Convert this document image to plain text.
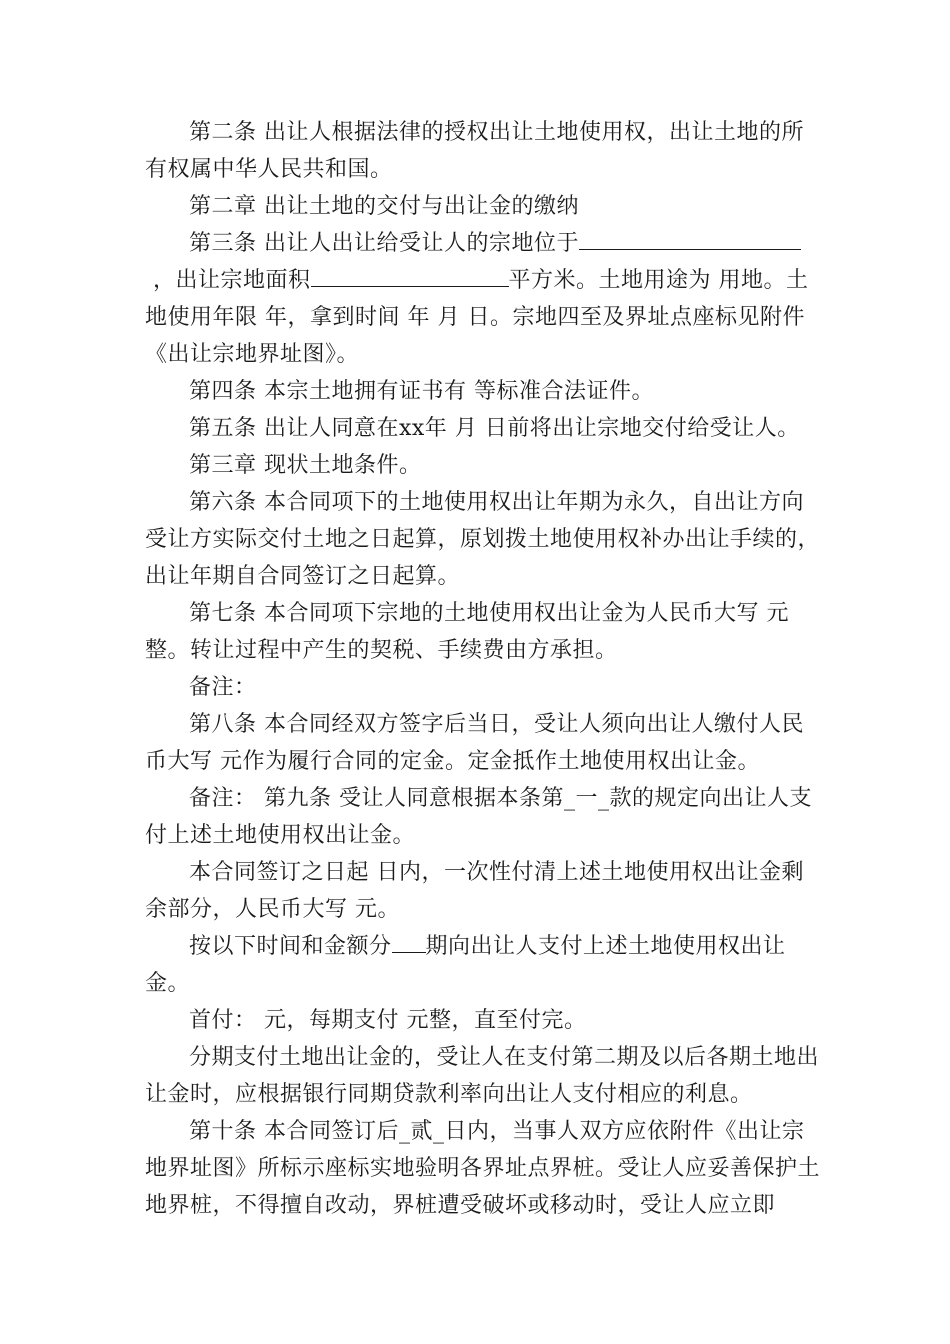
第二条 出让人根据法律的授权出让土地使用权，出让土地的所有权属中华人民共和国。

第二章 出让土地的交付与出让金的缴纳

第三条 出让人出让给受让人的宗地位于，出让宗地面积	平方米。土地用途为 用地。土地使用年限 年，拿到时间 年 月 日。宗地四至及界址点座标见附件《出让宗地界址图》。

第四条 本宗土地拥有证书有 等标准合法证件。

第五条 出让人同意在xx年 月 日前将出让宗地交付给受让人。

第三章 现状土地条件。

第六条 本合同项下的土地使用权出让年期为永久，自出让方向受让方实际交付土地之日起算，原划拨土地使用权补办出让手续的，出让年期自合同签订之日起算。

第七条 本合同项下宗地的土地使用权出让金为人民币大写 元整。转让过程中产生的契税、手续费由方承担。

备注：

第八条 本合同经双方签字后当日，受让人须向出让人缴付人民币大写 元作为履行合同的定金。定金抵作土地使用权出让金。

备注： 第九条 受让人同意根据本条第_一_款的规定向出让人支付上述土地使用权出让金。

本合同签订之日起 日内，一次性付清上述土地使用权出让金剩余部分，人民币大写 元。

按以下时间和金额分 期向出让人支付上述土地使用权出让金。

首付： 元，每期支付 元整，直至付完。

分期支付土地出让金的，受让人在支付第二期及以后各期土地出让金时，应根据银行同期贷款利率向出让人支付相应的利息。

第十条 本合同签订后_贰_日内，当事人双方应依附件《出让宗地界址图》所标示座标实地验明各界址点界桩。受让人应妥善保护土地界桩，不得擅自改动，界桩遭受破坏或移动时，受让人应立即
